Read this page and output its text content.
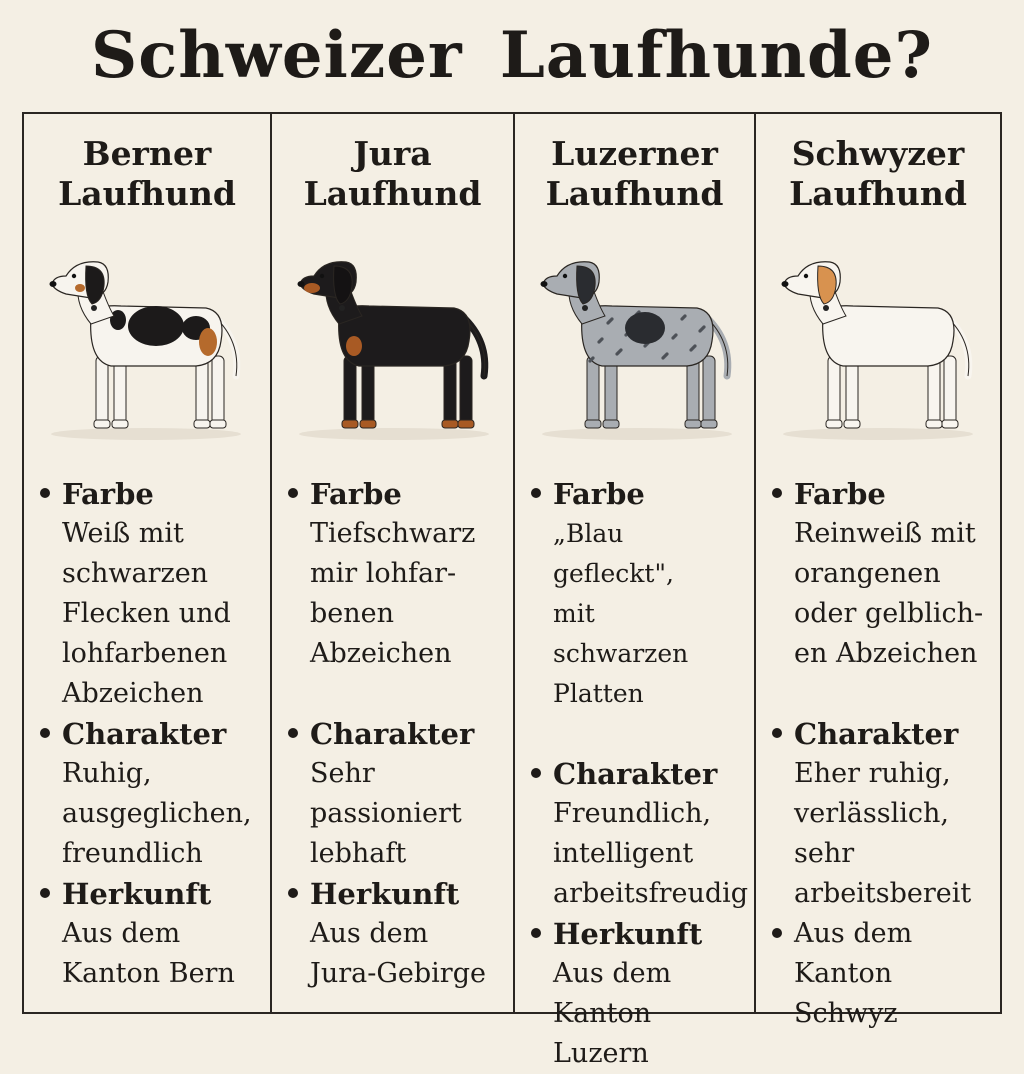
Schweizer Laufhunde?
Berner
Laufhund
Farbe
Weiß mit
schwarzen
Flecken und
lohfarbenen
Abzeichen
Charakter
Ruhig,
ausgeglichen,
freundlich
Herkunft
Aus dem
Kanton Bern
Jura
Laufhund
Farbe
Tiefschwarz
mir lohfar-
benen
Abzeichen
Charakter
Sehr
passioniert
lebhaft
Herkunft
Aus dem
Jura-Gebirge
Luzerner
Laufhund
Farbe
„Blau gefleckt",
mit
schwarzen
Platten
Charakter
Freundlich,
intelligent
arbeitsfreudig
Herkunft
Aus dem
Kanton Luzern
Schwyzer
Laufhund
Farbe
Reinweiß mit
orangenen
oder gelblich-
en Abzeichen
Charakter
Eher ruhig,
verlässlich,
sehr
arbeitsbereit
Aus dem
Kanton Schwyz
